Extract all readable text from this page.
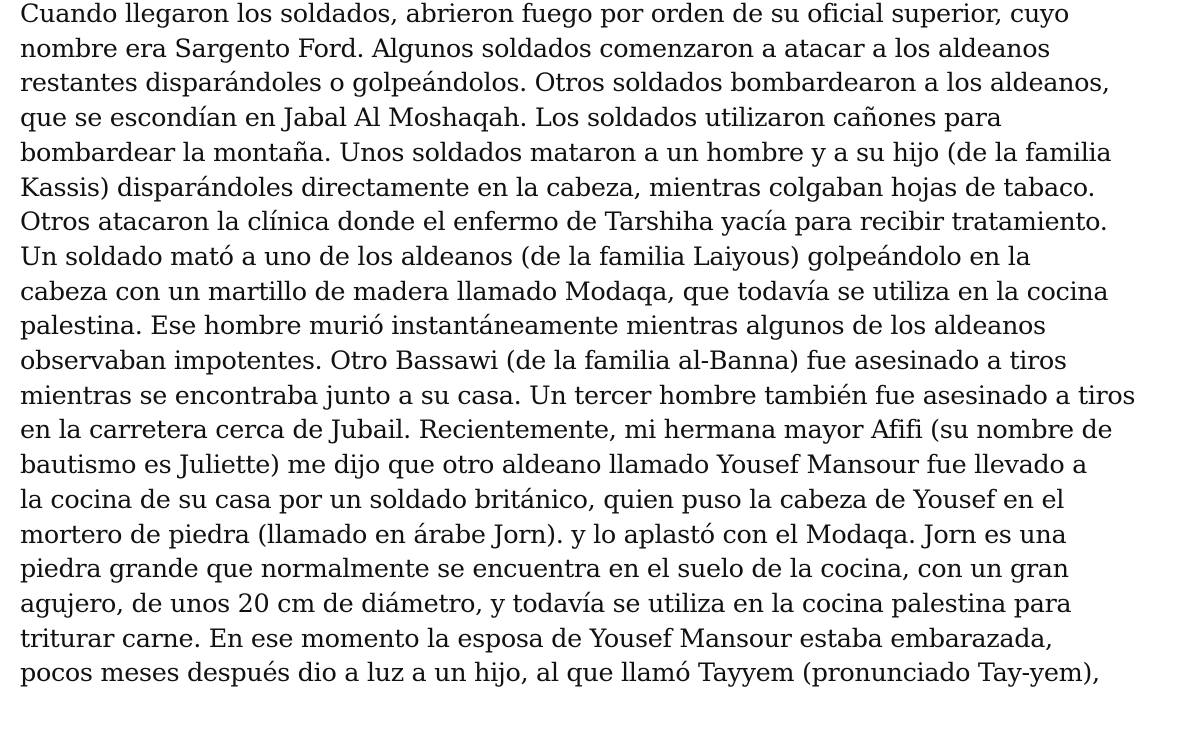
Cuando llegaron los soldados, abrieron fuego por orden de su oficial superior, cuyo
nombre era Sargento Ford. Algunos soldados comenzaron a atacar a los aldeanos
restantes disparándoles o golpeándolos. Otros soldados bombardearon a los aldeanos,
que se escondían en Jabal Al Moshaqah. Los soldados utilizaron cañones para
bombardear la montaña. Unos soldados mataron a un hombre y a su hijo (de la familia
Kassis) disparándoles directamente en la cabeza, mientras colgaban hojas de tabaco.
Otros atacaron la clínica donde el enfermo de Tarshiha yacía para recibir tratamiento.
Un soldado mató a uno de los aldeanos (de la familia Laiyous) golpeándolo en la
cabeza con un martillo de madera llamado Modaqa, que todavía se utiliza en la cocina
palestina. Ese hombre murió instantáneamente mientras algunos de los aldeanos
observaban impotentes. Otro Bassawi (de la familia al-Banna) fue asesinado a tiros
mientras se encontraba junto a su casa. Un tercer hombre también fue asesinado a tiros
en la carretera cerca de Jubail. Recientemente, mi hermana mayor Afifi (su nombre de
bautismo es Juliette) me dijo que otro aldeano llamado Yousef Mansour fue llevado a
la cocina de su casa por un soldado británico, quien puso la cabeza de Yousef en el
mortero de piedra (llamado en árabe Jorn). y lo aplastó con el Modaqa. Jorn es una
piedra grande que normalmente se encuentra en el suelo de la cocina, con un gran
agujero, de unos 20 cm de diámetro, y todavía se utiliza en la cocina palestina para
triturar carne. En ese momento la esposa de Yousef Mansour estaba embarazada,
pocos meses después dio a luz a un hijo, al que llamó Tayyem (pronunciado Tay-yem),
